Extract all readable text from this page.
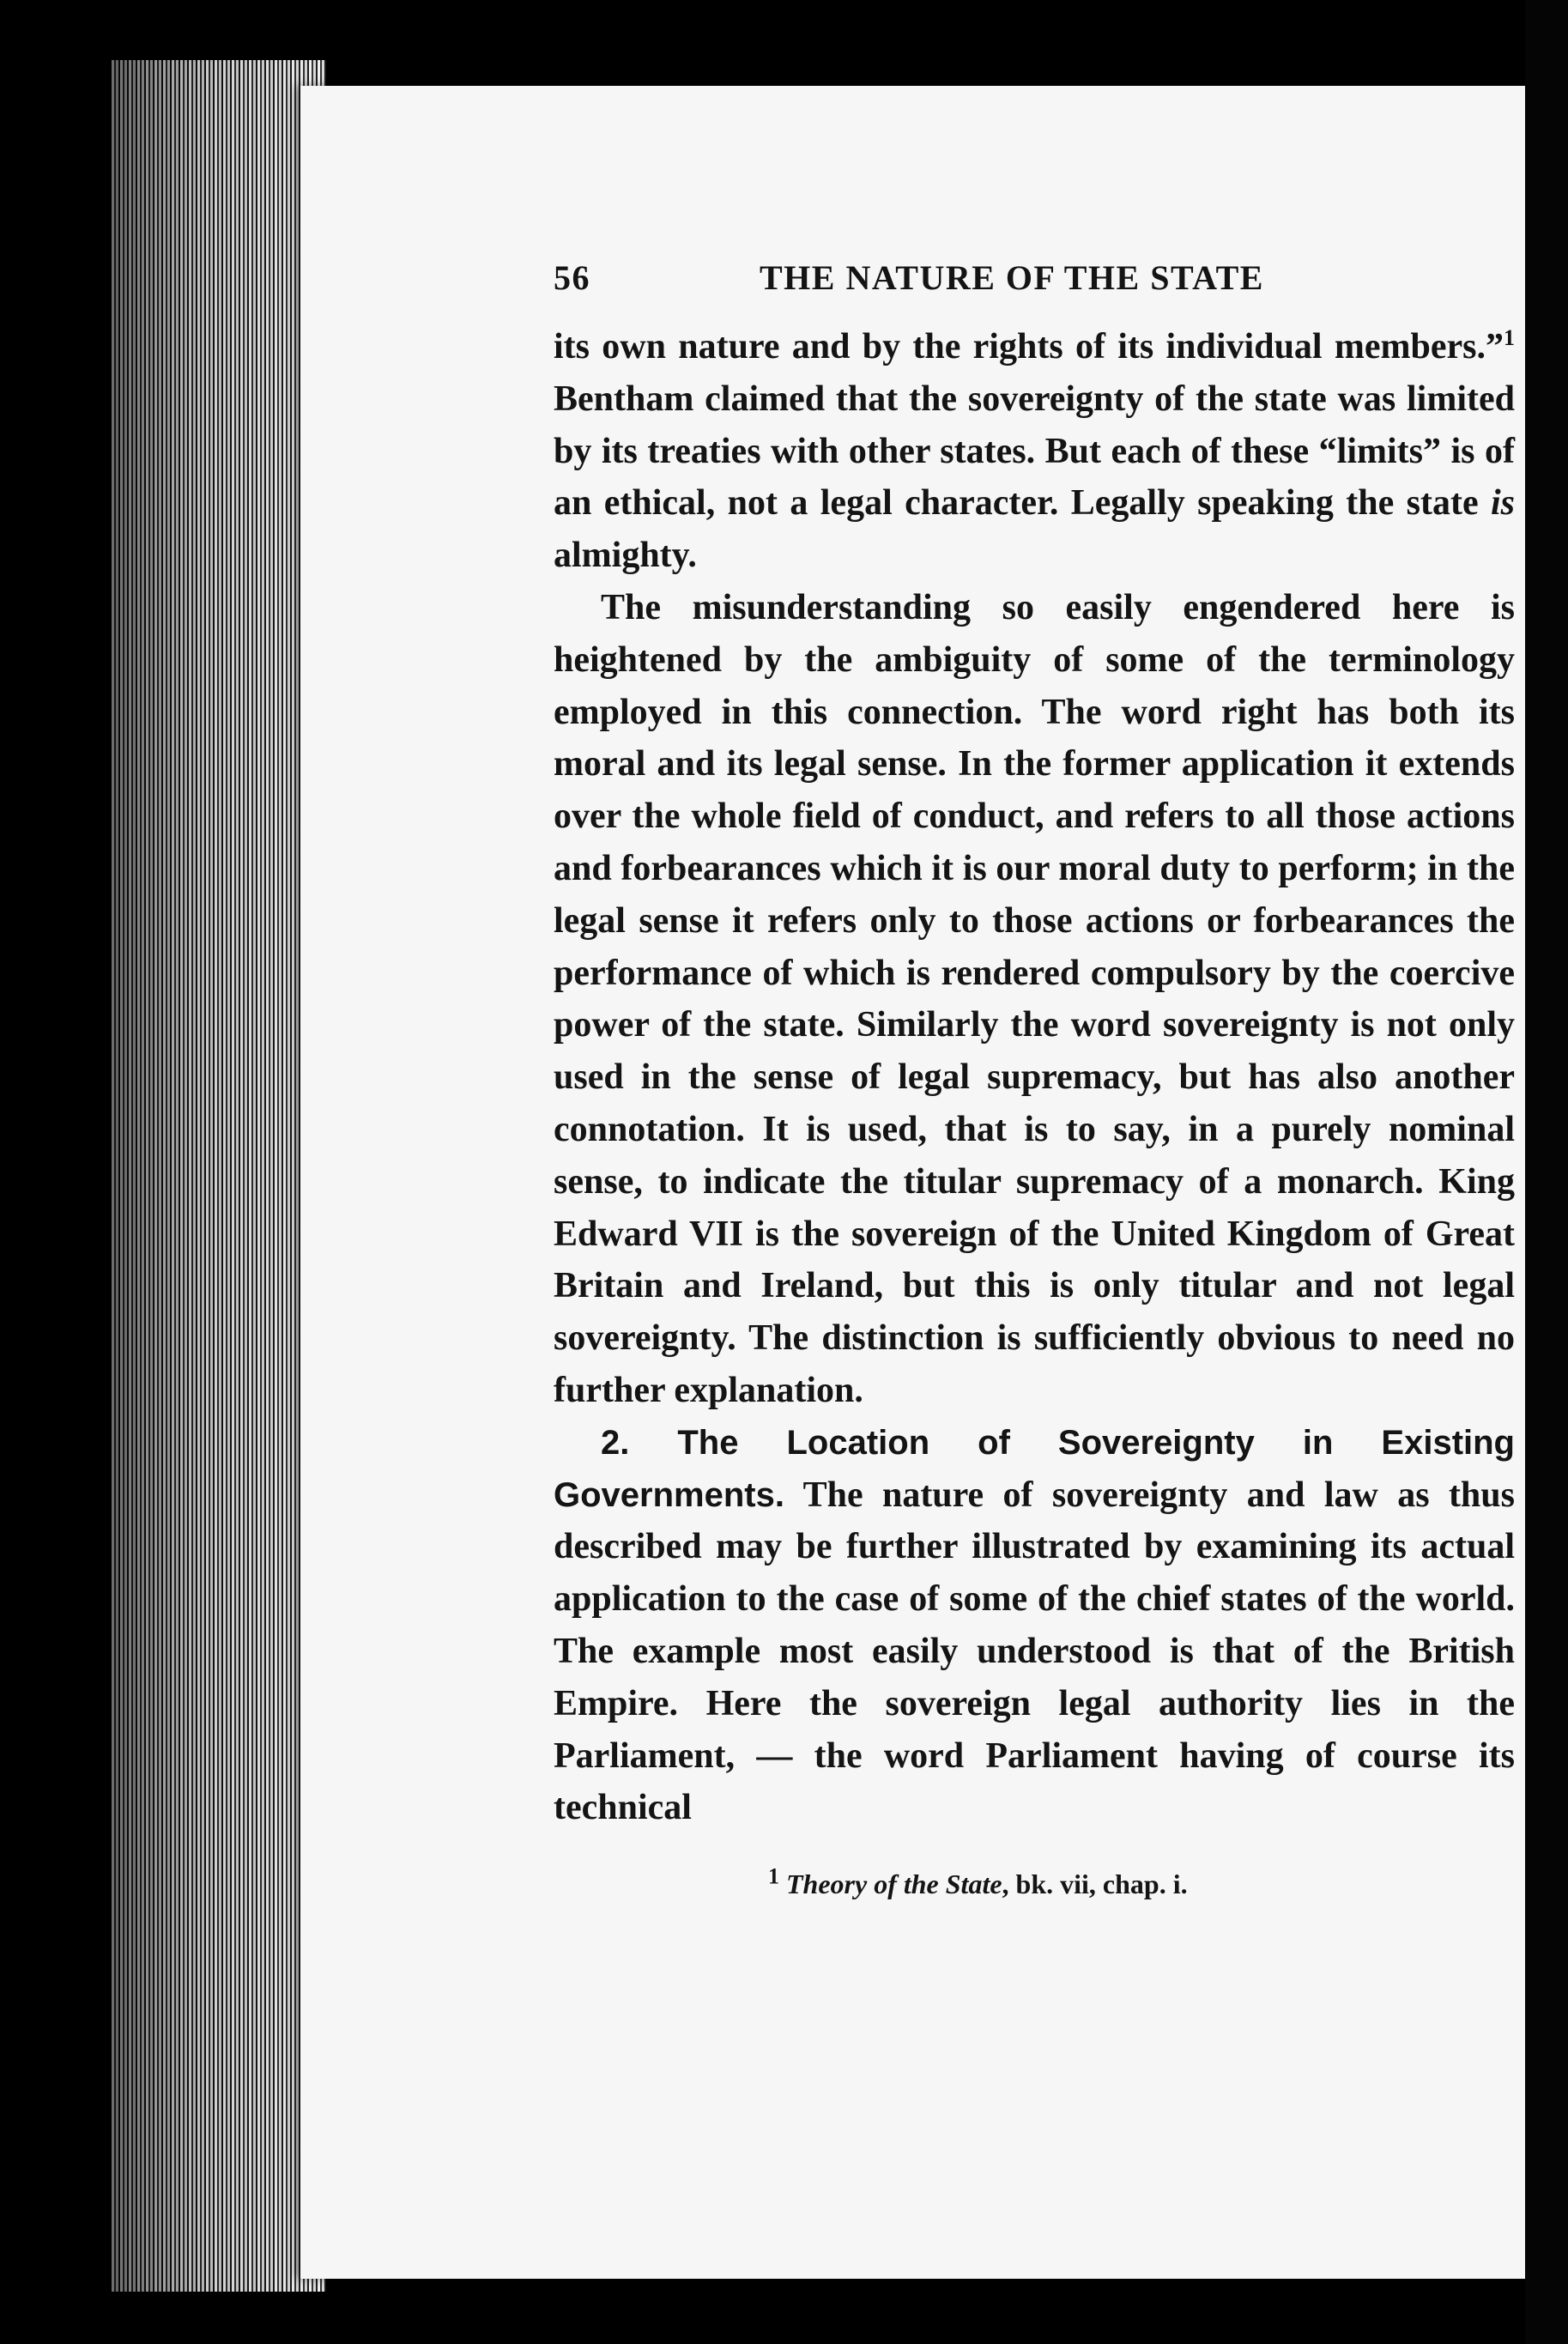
56	THE NATURE OF THE STATE

its own nature and by the rights of its individual members.”$^1$ Bentham claimed that the sovereignty of the state was limited by its treaties with other states. But each of these “limits” is of an ethical, not a legal character. Legally speaking the state is almighty.

The misunderstanding so easily engendered here is heightened by the ambiguity of some of the terminology employed in this connection. The word right has both its moral and its legal sense. In the former application it extends over the whole field of conduct, and refers to all those actions and forbearances which it is our moral duty to perform; in the legal sense it refers only to those actions or forbearances the performance of which is rendered compulsory by the coercive power of the state. Similarly the word sovereignty is not only used in the sense of legal supremacy, but has also another connotation. It is used, that is to say, in a purely nominal sense, to indicate the titular supremacy of a monarch. King Edward VII is the sovereign of the United Kingdom of Great Britain and Ireland, but this is only titular and not legal sovereignty. The distinction is sufficiently obvious to need no further explanation.

2. The Location of Sovereignty in Existing Governments. The nature of sovereignty and law as thus described may be further illustrated by examining its actual application to the case of some of the chief states of the world. The example most easily understood is that of the British Empire. Here the sovereign legal authority lies in the Parliament, — the word Parliament having of course its technical

$^1$ Theory of the State, bk. vii, chap. i.
